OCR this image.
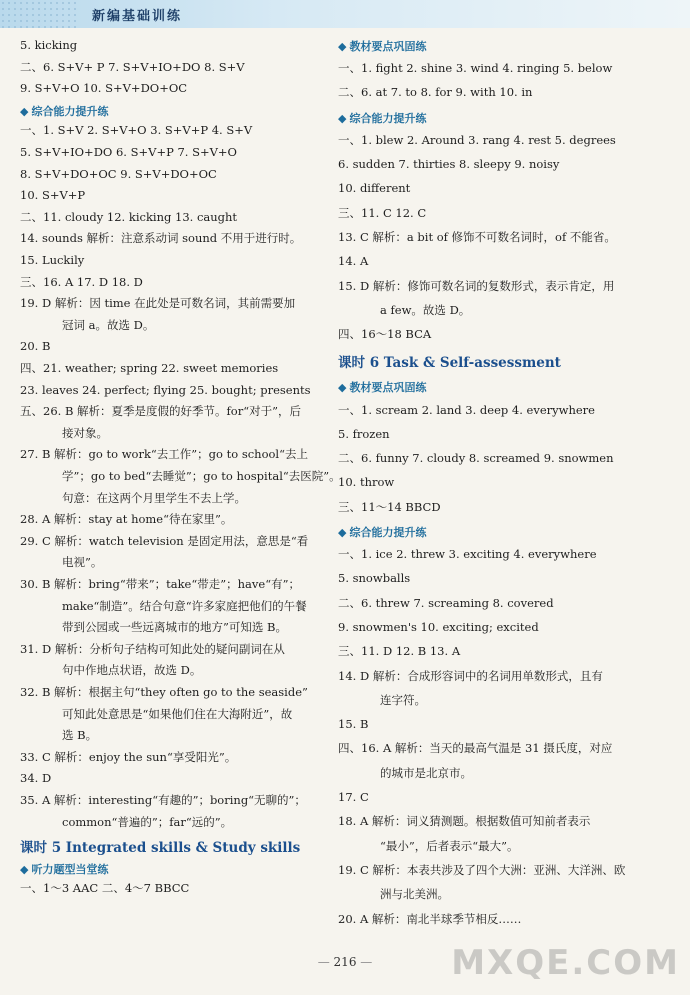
新编基础训练
5. kicking
二、6. S+V+ P 7. S+V+IO+DO 8. S+V
9. S+V+O 10. S+V+DO+OC
◆ 综合能力提升练
一、1. S+V 2. S+V+O 3. S+V+P 4. S+V
5. S+V+IO+DO 6. S+V+P 7. S+V+O
8. S+V+DO+OC 9. S+V+DO+OC
10. S+V+P
二、11. cloudy 12. kicking 13. caught
14. sounds 解析：注意系动词 sound 不用于进行时。
15. Luckily
三、16. A 17. D 18. D
19. D 解析：因 time 在此处是可数名词，其前需要加
冠词 a。故选 D。
20. B
四、21. weather; spring 22. sweet memories
23. leaves 24. perfect; flying 25. bought; presents
五、26. B 解析：夏季是度假的好季节。for“对于”，后
接对象。
27. B 解析：go to work“去工作”；go to school“去上
学”；go to bed“去睡觉”；go to hospital“去医院”。
句意：在这两个月里学生不去上学。
28. A 解析：stay at home“待在家里”。
29. C 解析：watch television 是固定用法，意思是“看
电视”。
30. B 解析：bring“带来”；take“带走”；have“有”；
make“制造”。结合句意“许多家庭把他们的午餐
带到公园或一些远离城市的地方”可知选 B。
31. D 解析：分析句子结构可知此处的疑问副词在从
句中作地点状语，故选 D。
32. B 解析：根据主句“they often go to the seaside”
可知此处意思是“如果他们住在大海附近”，故
选 B。
33. C 解析：enjoy the sun“享受阳光”。
34. D
35. A 解析：interesting“有趣的”；boring“无聊的”；
common“普遍的”；far“远的”。
课时 5 Integrated skills & Study skills
◆ 听力题型当堂练
一、1～3 AAC 二、4～7 BBCC
◆ 教材要点巩固练
一、1. fight 2. shine 3. wind 4. ringing 5. below
二、6. at 7. to 8. for 9. with 10. in
◆ 综合能力提升练
一、1. blew 2. Around 3. rang 4. rest 5. degrees
6. sudden 7. thirties 8. sleepy 9. noisy
10. different
三、11. C 12. C
13. C 解析：a bit of 修饰不可数名词时，of 不能省。
14. A
15. D 解析：修饰可数名词的复数形式，表示肯定，用
a few。故选 D。
四、16～18 BCA
课时 6 Task & Self-assessment
◆ 教材要点巩固练
一、1. scream 2. land 3. deep 4. everywhere
5. frozen
二、6. funny 7. cloudy 8. screamed 9. snowmen
10. throw
三、11～14 BBCD
◆ 综合能力提升练
一、1. ice 2. threw 3. exciting 4. everywhere
5. snowballs
二、6. threw 7. screaming 8. covered
9. snowmen's 10. exciting; excited
三、11. D 12. B 13. A
14. D 解析：合成形容词中的名词用单数形式，且有
连字符。
15. B
四、16. A 解析：当天的最高气温是 31 摄氏度，对应
的城市是北京市。
17. C
18. A 解析：词义猜测题。根据数值可知前者表示
“最小”，后者表示“最大”。
19. C 解析：本表共涉及了四个大洲：亚洲、大洋洲、欧
洲与北美洲。
20. A 解析：南北半球季节相反……
— 216 —	MXQE.COM
